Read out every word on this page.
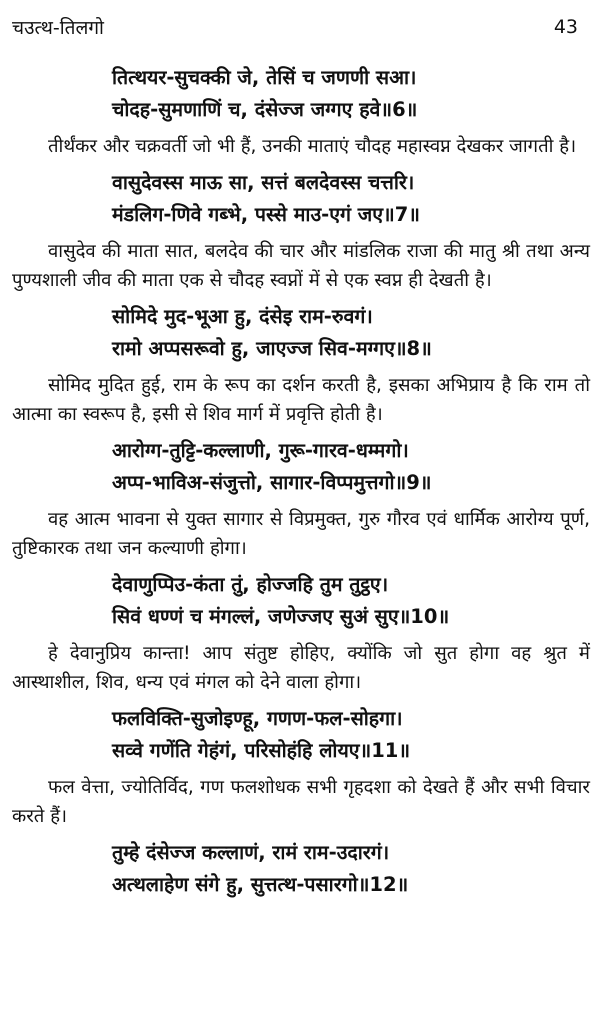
चउत्थ-तिलगो	43
तित्थयर-सुचक्की जे, तेसिं च जणणी सआ।
चोदह-सुमणाणिं च, दंसेज्ज जग्गए हवे॥6॥

तीर्थंकर और चक्रवर्ती जो भी हैं, उनकी माताएं चौदह महास्वप्न देखकर जागती है।

वासुदेवस्स माऊ सा, सत्तं बलदेवस्स चत्तरि।
मंडलिग-णिवे गब्भे, पस्से माउ-एगं जए॥7॥

वासुदेव की माता सात, बलदेव की चार और मांडलिक राजा की मातु श्री तथा अन्य पुण्यशाली जीव की माता एक से चौदह स्वप्नों में से एक स्वप्न ही देखती है।

सोमिदे मुद-भूआ हु, दंसेइ राम-रुवगं।
रामो अप्पसरूवो हु, जाएज्ज सिव-मग्गए॥8॥

सोमिद मुदित हुई, राम के रूप का दर्शन करती है, इसका अभिप्राय है कि राम तो आत्मा का स्वरूप है, इसी से शिव मार्ग में प्रवृत्ति होती है।

आरोग्ग-तुट्टि-कल्लाणी, गुरू-गारव-धम्मगो।
अप्प-भाविअ-संजुत्तो, सागार-विप्पमुत्तगो॥9॥

वह आत्म भावना से युक्त सागार से विप्रमुक्त, गुरु गौरव एवं धार्मिक आरोग्य पूर्ण, तुष्टिकारक तथा जन कल्याणी होगा।

देवाणुप्पिउ-कंता तुं, होज्जहि तुम तुट्ठए।
सिवं धण्णं च मंगल्लं, जणेज्जए सुअं सुए॥10॥

हे देवानुप्रिय कान्ता! आप संतुष्ट होहिए, क्योंकि जो सुत होगा वह श्रुत में आस्थाशील, शिव, धन्य एवं मंगल को देने वाला होगा।

फलविक्ति-सुजोइण्हू, गणण-फल-सोहगा।
सव्वे गणेंति गेहंगं, परिसोहंहि लोयए॥11॥

फल वेत्ता, ज्योतिर्विद, गण फलशोधक सभी गृहदशा को देखते हैं और सभी विचार करते हैं।

तुम्हे दंसेज्ज कल्लाणं, रामं राम-उदारगं।
अत्थलाहेण संगे हु, सुत्तत्थ-पसारगो॥12॥
